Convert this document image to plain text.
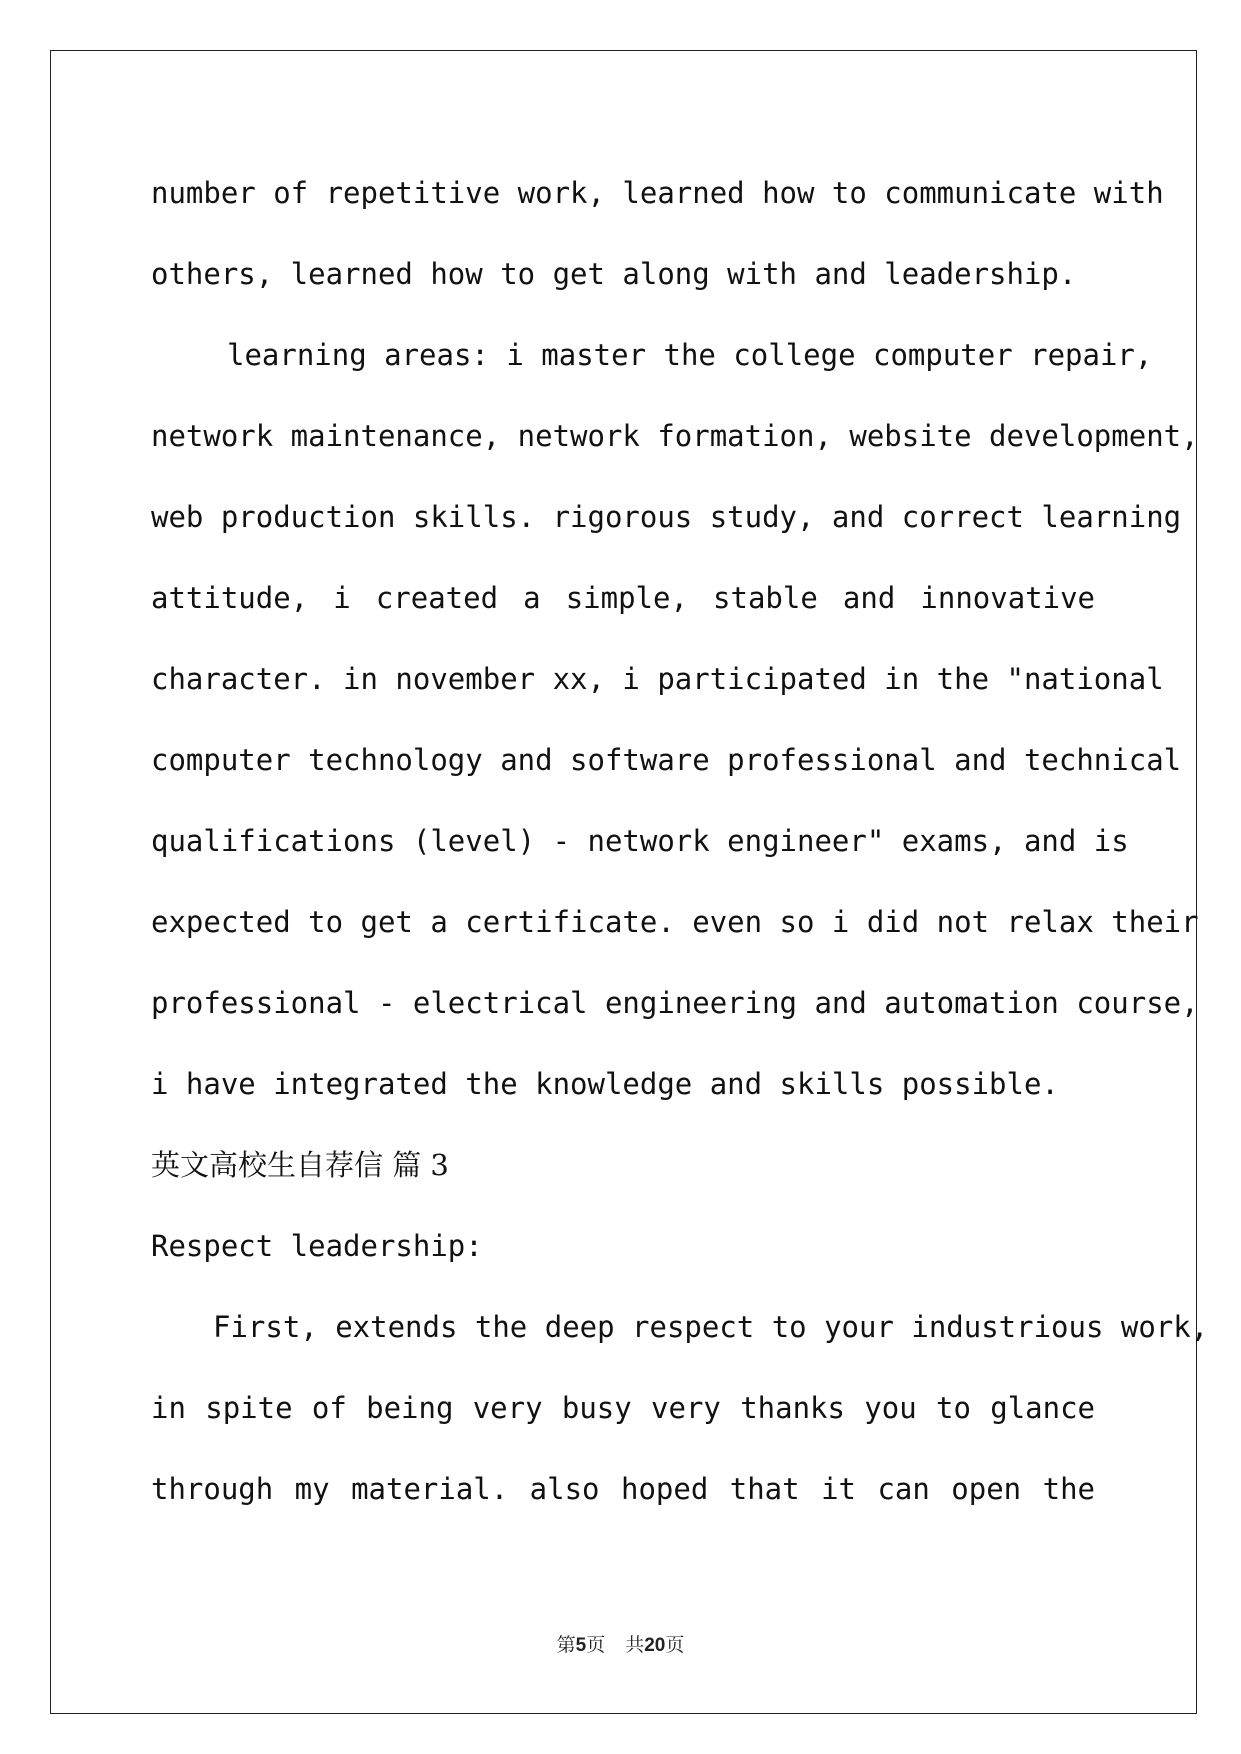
number of repetitive work, learned how to communicate with
others, learned how to get along with and leadership.
learning areas: i master the college computer repair,
network maintenance, network formation, website development,
web production skills. rigorous study, and correct learning
attitude, i created a simple, stable and innovative
character. in november xx, i participated in the "national
computer technology and software professional and technical
qualifications (level) - network engineer" exams, and is
expected to get a certificate. even so i did not relax their
professional - electrical engineering and automation course,
i have integrated the knowledge and skills possible.
英文高校生自荐信 篇 3
Respect leadership:
First, extends the deep respect to your industrious work,
in spite of being very busy very thanks you to glance
through my material. also hoped that it can open the
第5页 共20页
